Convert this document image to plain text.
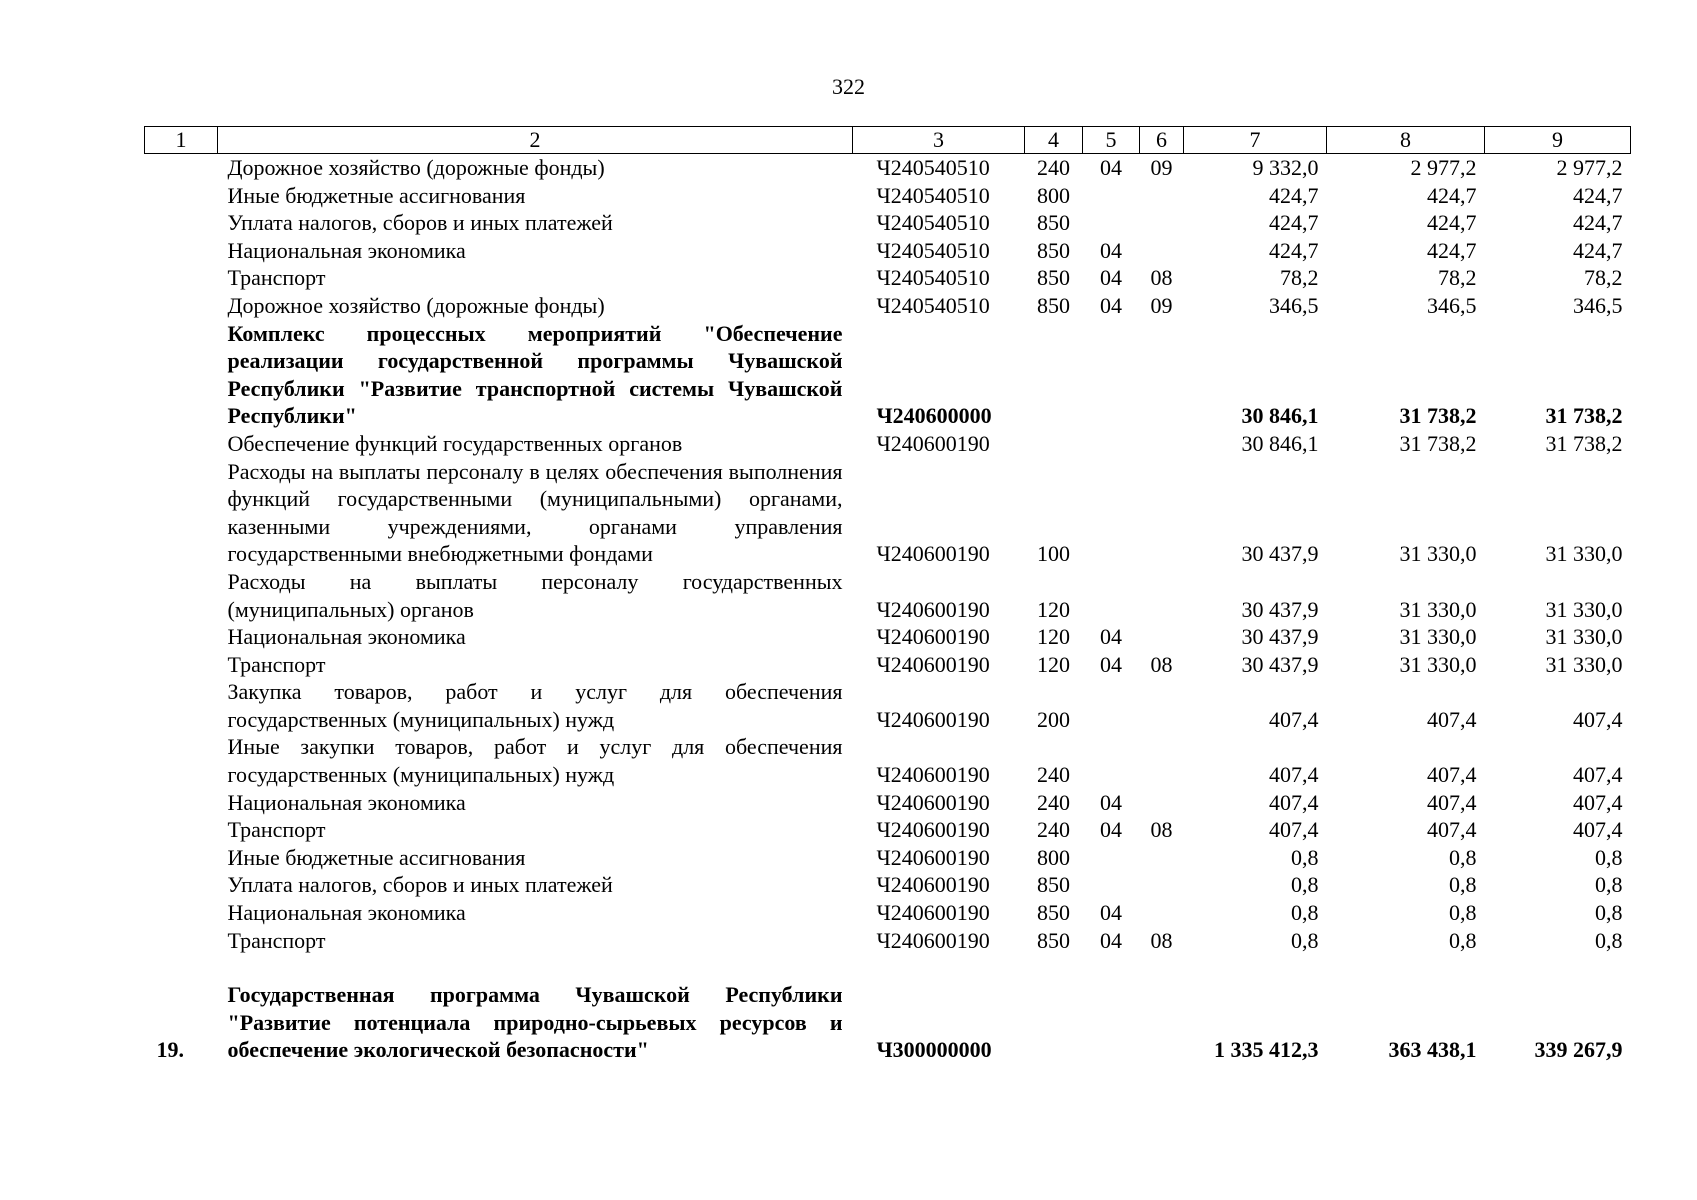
322
1	2	3	4	5	6	7	8	9
	Дорожное хозяйство (дорожные фонды)	Ч240540510	240	04	09	9 332,0	2 977,2	2 977,2
	Иные бюджетные ассигнования	Ч240540510	800			424,7	424,7	424,7
	Уплата налогов, сборов и иных платежей	Ч240540510	850			424,7	424,7	424,7
	Национальная экономика	Ч240540510	850	04		424,7	424,7	424,7
	Транспорт	Ч240540510	850	04	08	78,2	78,2	78,2
	Дорожное хозяйство (дорожные фонды)	Ч240540510	850	04	09	346,5	346,5	346,5
	Комплекс процессных мероприятий "Обеспечение реализации государственной программы Чувашской Республики "Развитие транспортной системы Чувашской Республики"	Ч240600000				30 846,1	31 738,2	31 738,2
	Обеспечение функций государственных органов	Ч240600190				30 846,1	31 738,2	31 738,2
	Расходы на выплаты персоналу в целях обеспечения выполнения функций государственными (муниципальными) органами, казенными учреждениями, органами управления государственными внебюджетными фондами	Ч240600190	100			30 437,9	31 330,0	31 330,0
	Расходы на выплаты персоналу государственных (муниципальных) органов	Ч240600190	120			30 437,9	31 330,0	31 330,0
	Национальная экономика	Ч240600190	120	04		30 437,9	31 330,0	31 330,0
	Транспорт	Ч240600190	120	04	08	30 437,9	31 330,0	31 330,0
	Закупка товаров, работ и услуг для обеспечения государственных (муниципальных) нужд	Ч240600190	200			407,4	407,4	407,4
	Иные закупки товаров, работ и услуг для обеспечения государственных (муниципальных) нужд	Ч240600190	240			407,4	407,4	407,4
	Национальная экономика	Ч240600190	240	04		407,4	407,4	407,4
	Транспорт	Ч240600190	240	04	08	407,4	407,4	407,4
	Иные бюджетные ассигнования	Ч240600190	800			0,8	0,8	0,8
	Уплата налогов, сборов и иных платежей	Ч240600190	850			0,8	0,8	0,8
	Национальная экономика	Ч240600190	850	04		0,8	0,8	0,8
	Транспорт	Ч240600190	850	04	08	0,8	0,8	0,8

19.	Государственная программа Чувашской Республики "Развитие потенциала природно-сырьевых ресурсов и обеспечение экологической безопасности"	Ч300000000				1 335 412,3	363 438,1	339 267,9
